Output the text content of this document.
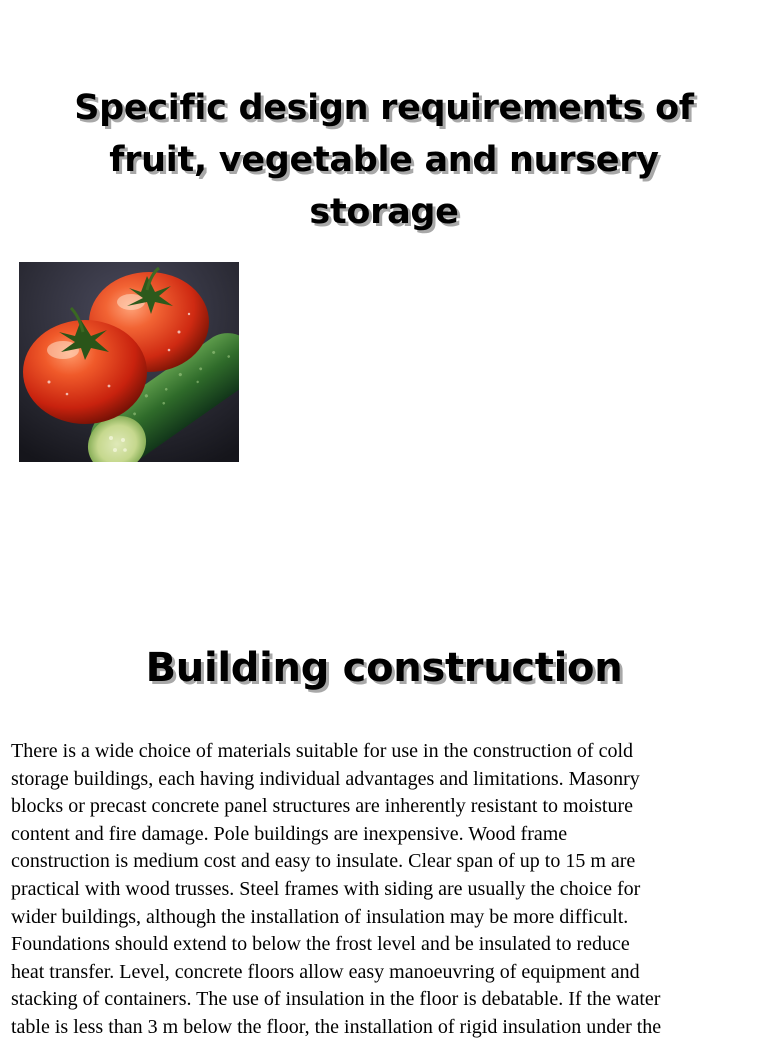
Specific design requirements of
fruit, vegetable and nursery
storage
Building construction
There is a wide choice of materials suitable for use in the construction of cold
storage buildings, each having individual advantages and limitations. Masonry
blocks or precast concrete panel structures are inherently resistant to moisture
content and fire damage. Pole buildings are inexpensive. Wood frame
construction is medium cost and easy to insulate. Clear span of up to 15 m are
practical with wood trusses. Steel frames with siding are usually the choice for
wider buildings, although the installation of insulation may be more difficult.
Foundations should extend to below the frost level and be insulated to reduce
heat transfer. Level, concrete floors allow easy manoeuvring of equipment and
stacking of containers. The use of insulation in the floor is debatable. If the water
table is less than 3 m below the floor, the installation of rigid insulation under the
